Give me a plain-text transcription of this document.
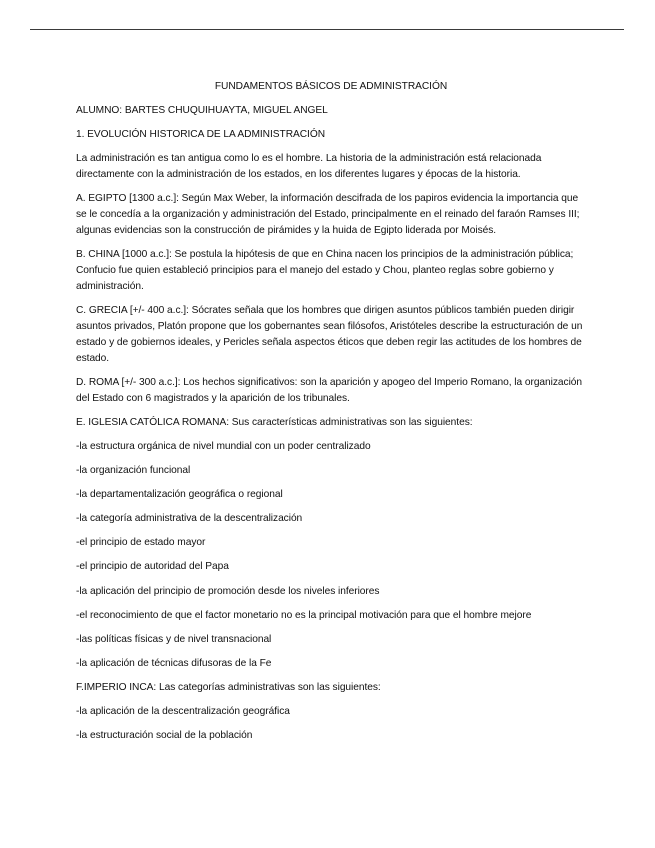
FUNDAMENTOS BÁSICOS DE ADMINISTRACIÓN

ALUMNO: BARTES CHUQUIHUAYTA, MIGUEL ANGEL

1. EVOLUCIÓN HISTORICA DE LA ADMINISTRACIÓN

La administración es tan antigua como lo es el hombre. La historia de la administración está relacionada directamente con la administración de los estados, en los diferentes lugares y épocas de la historia.

A. EGIPTO [1300 a.c.]: Según Max Weber, la información descifrada de los papiros evidencia la importancia que se le concedía a la organización y administración del Estado, principalmente en el reinado del faraón Ramses III; algunas evidencias son la construcción de pirámides y la huida de Egipto liderada por Moisés.

B. CHINA [1000 a.c.]: Se postula la hipótesis de que en China nacen los principios de la administración pública; Confucio fue quien estableció principios para el manejo del estado y Chou, planteo reglas sobre gobierno y administración.

C. GRECIA [+/- 400 a.c.]: Sócrates señala que los hombres que dirigen asuntos públicos también pueden dirigir asuntos privados, Platón propone que los gobernantes sean filósofos, Aristóteles describe la estructuración de un estado y de gobiernos ideales, y Pericles señala aspectos éticos que deben regir las actitudes de los hombres de estado.

D. ROMA [+/- 300 a.c.]: Los hechos significativos: son la aparición y apogeo del Imperio Romano, la organización del Estado con 6 magistrados y la aparición de los tribunales.

E. IGLESIA CATÓLICA ROMANA: Sus características administrativas son las siguientes:

-la estructura orgánica de nivel mundial con un poder centralizado

-la organización funcional

-la departamentalización geográfica o regional

-la categoría administrativa de la descentralización

-el principio de estado mayor

-el principio de autoridad del Papa

-la aplicación del principio de promoción desde los niveles inferiores

-el reconocimiento de que el factor monetario no es la principal motivación para que el hombre mejore

-las políticas físicas y de nivel transnacional

-la aplicación de técnicas difusoras de la Fe

F.IMPERIO INCA: Las categorías administrativas son las siguientes:

-la aplicación de la descentralización geográfica

-la estructuración social de la población
